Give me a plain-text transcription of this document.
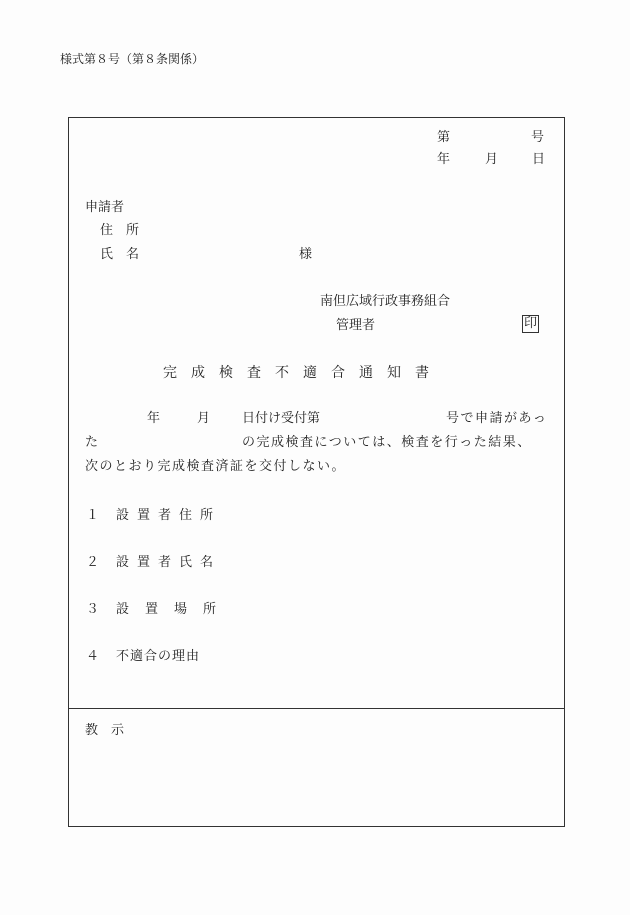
様式第８号（第８条関係）
第	号
年	月	日
申請者
住　所
氏　名	様
南但広域行政事務組合
管理者	印
完成検査不適合通知書
年	月 日付け受付第	号で申請があっ
た	の完成検査については、検査を行った結果、
次のとおり完成検査済証を交付しない。
１ 設置者住所
２ 設置者氏名
３ 設置場所
４ 不適合の理由
教　示
